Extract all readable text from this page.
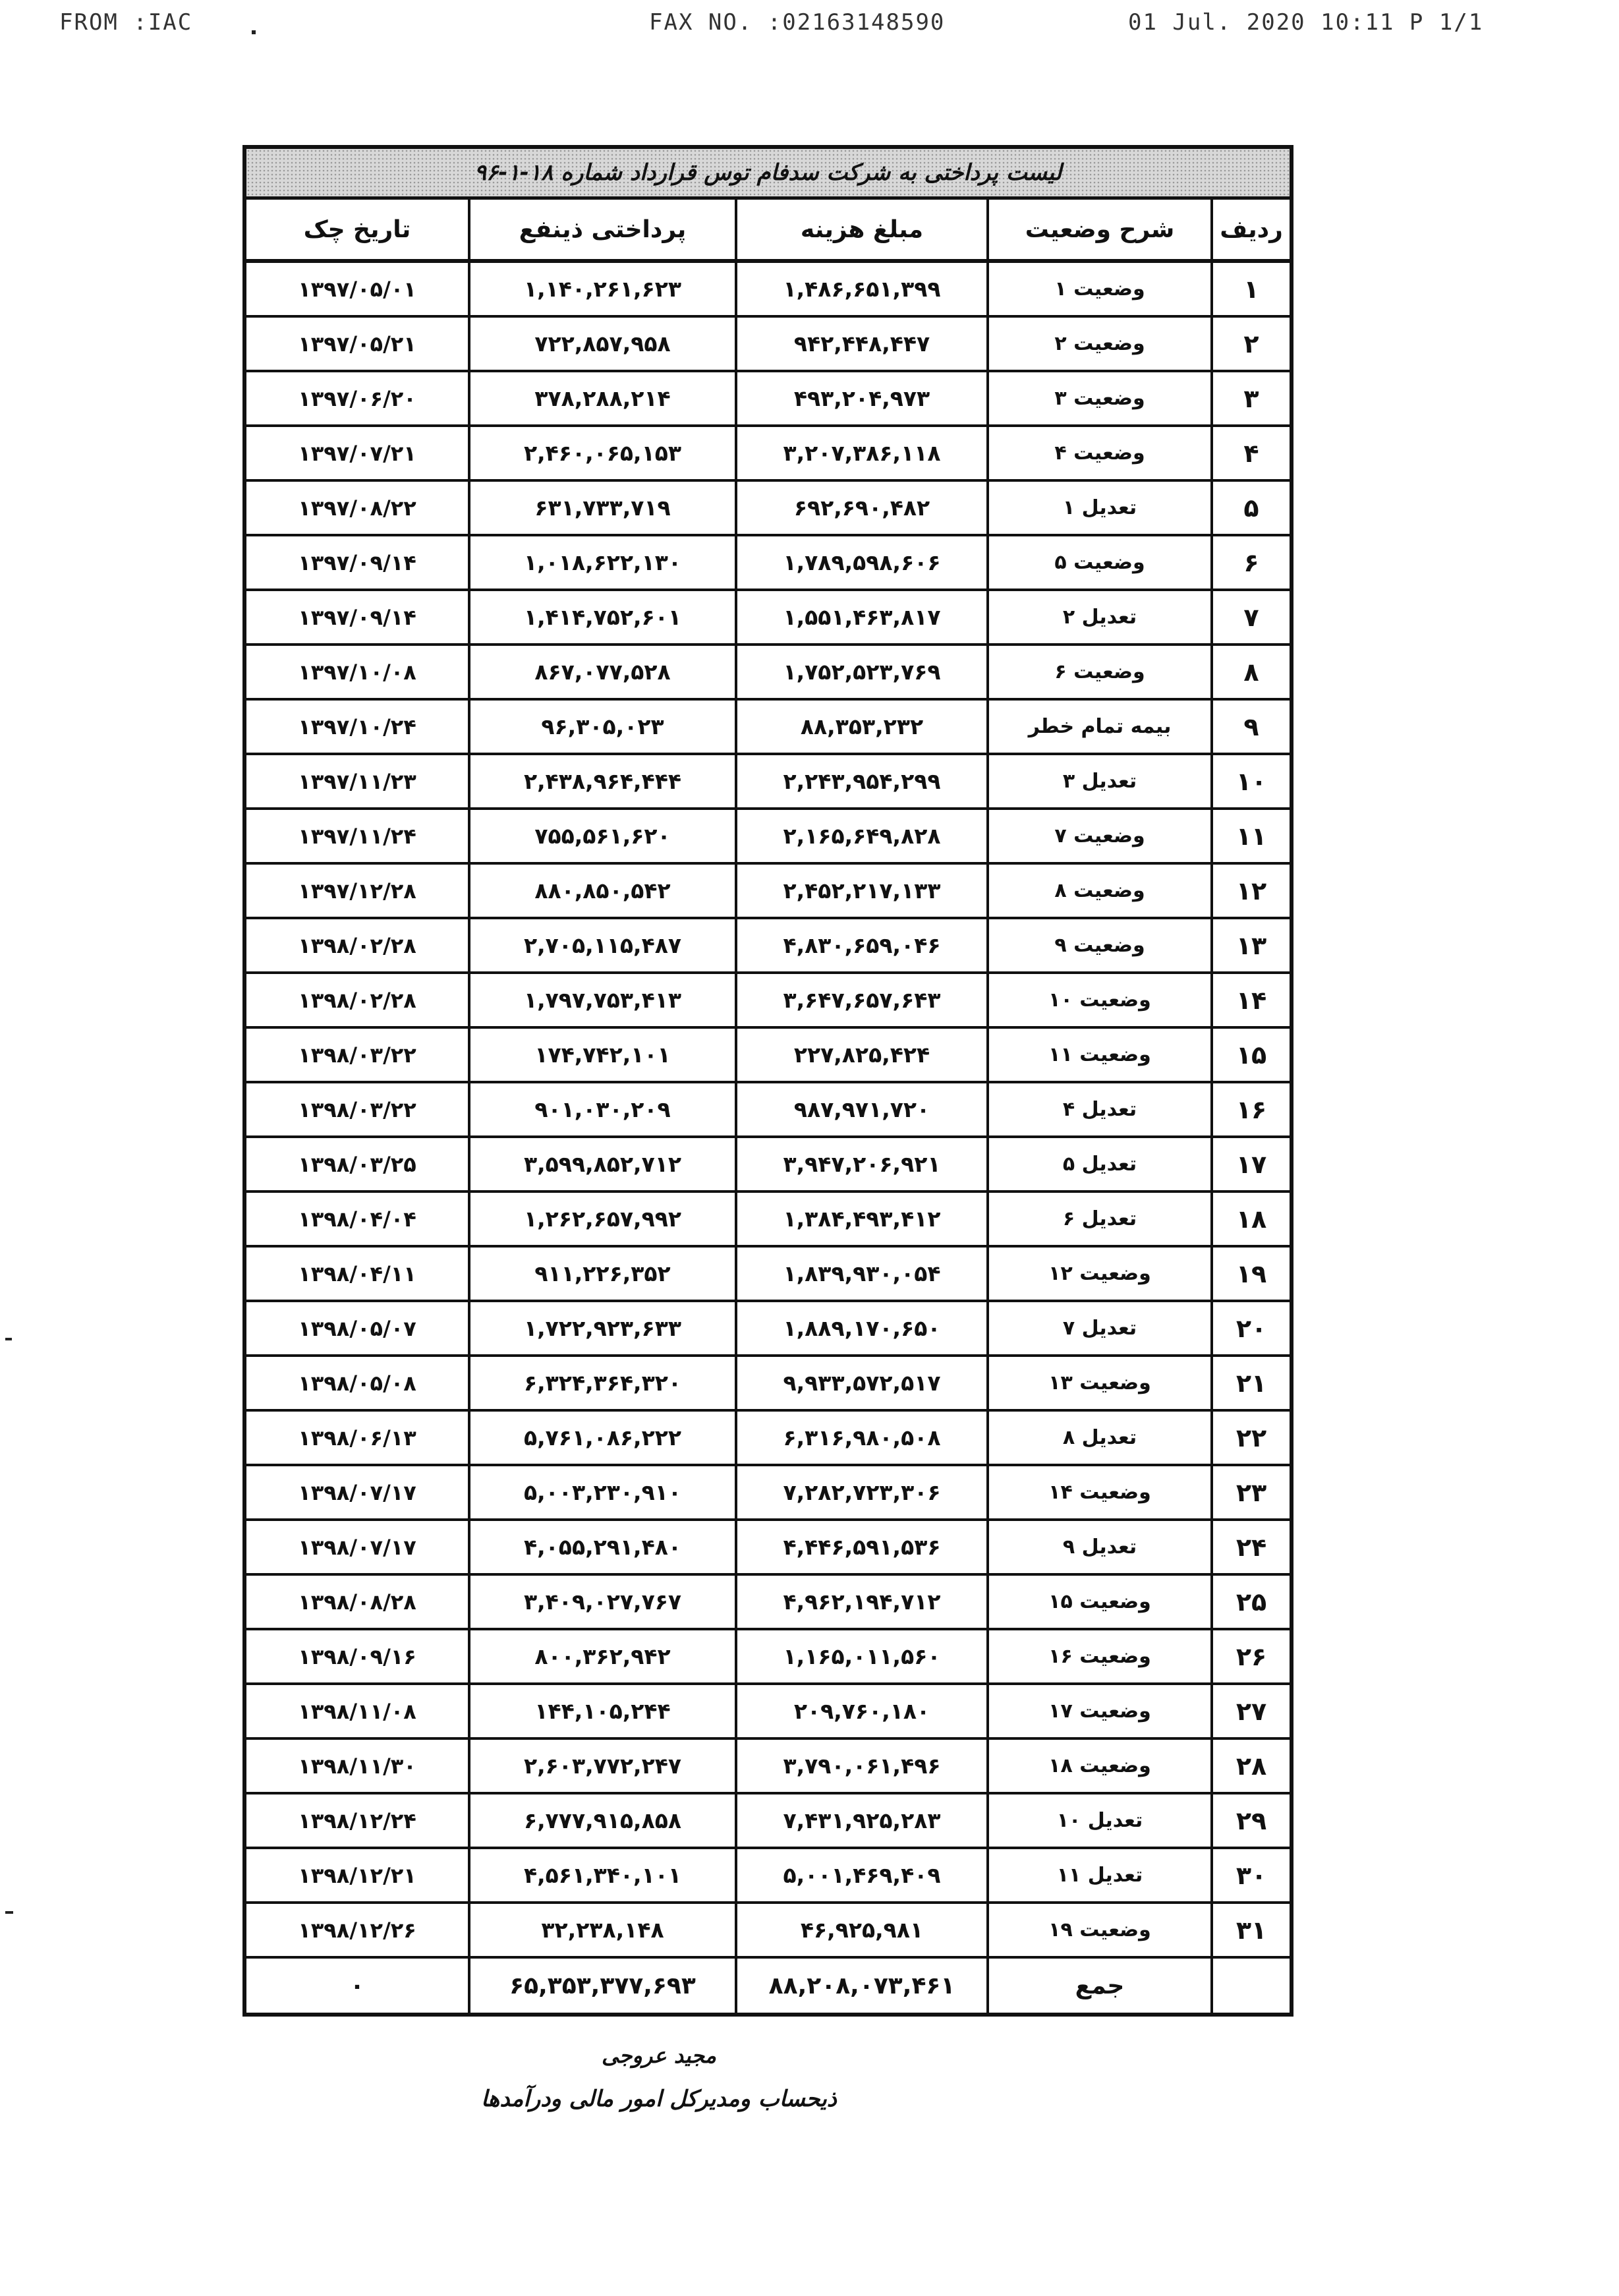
FROM :IAC	FAX NO. :02163148590	01 Jul. 2020 10:11 P 1/1
لیست پرداختی به شرکت سدفام توس قرارداد شماره ۱۸-۱-۹۶
ردیف
شرح وضعیت
مبلغ هزینه
پرداختی ذینفع
تاریخ چک
۱
وضعیت ۱
۱,۴۸۶,۶۵۱,۳۹۹
۱,۱۴۰,۲۶۱,۶۲۳
۱۳۹۷/۰۵/۰۱
۲
وضعیت ۲
۹۴۲,۴۴۸,۴۴۷
۷۲۲,۸۵۷,۹۵۸
۱۳۹۷/۰۵/۲۱
۳
وضعیت ۳
۴۹۳,۲۰۴,۹۷۳
۳۷۸,۲۸۸,۲۱۴
۱۳۹۷/۰۶/۲۰
۴
وضعیت ۴
۳,۲۰۷,۳۸۶,۱۱۸
۲,۴۶۰,۰۶۵,۱۵۳
۱۳۹۷/۰۷/۲۱
۵
تعدیل ۱
۶۹۲,۶۹۰,۴۸۲
۶۳۱,۷۳۳,۷۱۹
۱۳۹۷/۰۸/۲۲
۶
وضعیت ۵
۱,۷۸۹,۵۹۸,۶۰۶
۱,۰۱۸,۶۲۲,۱۳۰
۱۳۹۷/۰۹/۱۴
۷
تعدیل ۲
۱,۵۵۱,۴۶۳,۸۱۷
۱,۴۱۴,۷۵۲,۶۰۱
۱۳۹۷/۰۹/۱۴
۸
وضعیت ۶
۱,۷۵۲,۵۲۳,۷۶۹
۸۶۷,۰۷۷,۵۲۸
۱۳۹۷/۱۰/۰۸
۹
بیمه تمام خطر
۸۸,۳۵۳,۲۳۲
۹۶,۳۰۵,۰۲۳
۱۳۹۷/۱۰/۲۴
۱۰
تعدیل ۳
۲,۲۴۳,۹۵۴,۲۹۹
۲,۴۳۸,۹۶۴,۴۴۴
۱۳۹۷/۱۱/۲۳
۱۱
وضعیت ۷
۲,۱۶۵,۶۴۹,۸۲۸
۷۵۵,۵۶۱,۶۲۰
۱۳۹۷/۱۱/۲۴
۱۲
وضعیت ۸
۲,۴۵۲,۲۱۷,۱۳۳
۸۸۰,۸۵۰,۵۴۲
۱۳۹۷/۱۲/۲۸
۱۳
وضعیت ۹
۴,۸۳۰,۶۵۹,۰۴۶
۲,۷۰۵,۱۱۵,۴۸۷
۱۳۹۸/۰۲/۲۸
۱۴
وضعیت ۱۰
۳,۶۴۷,۶۵۷,۶۴۳
۱,۷۹۷,۷۵۳,۴۱۳
۱۳۹۸/۰۲/۲۸
۱۵
وضعیت ۱۱
۲۲۷,۸۲۵,۴۲۴
۱۷۴,۷۴۲,۱۰۱
۱۳۹۸/۰۳/۲۲
۱۶
تعدیل ۴
۹۸۷,۹۷۱,۷۲۰
۹۰۱,۰۳۰,۲۰۹
۱۳۹۸/۰۳/۲۲
۱۷
تعدیل ۵
۳,۹۴۷,۲۰۶,۹۲۱
۳,۵۹۹,۸۵۲,۷۱۲
۱۳۹۸/۰۳/۲۵
۱۸
تعدیل ۶
۱,۳۸۴,۴۹۳,۴۱۲
۱,۲۶۲,۶۵۷,۹۹۲
۱۳۹۸/۰۴/۰۴
۱۹
وضعیت ۱۲
۱,۸۳۹,۹۳۰,۰۵۴
۹۱۱,۲۲۶,۳۵۲
۱۳۹۸/۰۴/۱۱
۲۰
تعدیل ۷
۱,۸۸۹,۱۷۰,۶۵۰
۱,۷۲۲,۹۲۳,۶۳۳
۱۳۹۸/۰۵/۰۷
۲۱
وضعیت ۱۳
۹,۹۳۳,۵۷۲,۵۱۷
۶,۳۲۴,۳۶۴,۳۲۰
۱۳۹۸/۰۵/۰۸
۲۲
تعدیل ۸
۶,۳۱۶,۹۸۰,۵۰۸
۵,۷۶۱,۰۸۶,۲۲۲
۱۳۹۸/۰۶/۱۳
۲۳
وضعیت ۱۴
۷,۲۸۲,۷۲۳,۳۰۶
۵,۰۰۳,۲۳۰,۹۱۰
۱۳۹۸/۰۷/۱۷
۲۴
تعدیل ۹
۴,۴۴۶,۵۹۱,۵۳۶
۴,۰۵۵,۲۹۱,۴۸۰
۱۳۹۸/۰۷/۱۷
۲۵
وضعیت ۱۵
۴,۹۶۲,۱۹۴,۷۱۲
۳,۴۰۹,۰۲۷,۷۶۷
۱۳۹۸/۰۸/۲۸
۲۶
وضعیت ۱۶
۱,۱۶۵,۰۱۱,۵۶۰
۸۰۰,۳۶۲,۹۴۲
۱۳۹۸/۰۹/۱۶
۲۷
وضعیت ۱۷
۲۰۹,۷۶۰,۱۸۰
۱۴۴,۱۰۵,۲۴۴
۱۳۹۸/۱۱/۰۸
۲۸
وضعیت ۱۸
۳,۷۹۰,۰۶۱,۴۹۶
۲,۶۰۳,۷۷۲,۲۴۷
۱۳۹۸/۱۱/۳۰
۲۹
تعدیل ۱۰
۷,۴۳۱,۹۲۵,۲۸۳
۶,۷۷۷,۹۱۵,۸۵۸
۱۳۹۸/۱۲/۲۴
۳۰
تعدیل ۱۱
۵,۰۰۱,۴۶۹,۴۰۹
۴,۵۶۱,۳۴۰,۱۰۱
۱۳۹۸/۱۲/۲۱
۳۱
وضعیت ۱۹
۴۶,۹۲۵,۹۸۱
۳۲,۲۳۸,۱۴۸
۱۳۹۸/۱۲/۲۶
جمع
۸۸,۲۰۸,۰۷۳,۴۶۱
۶۵,۳۵۳,۳۷۷,۶۹۳
۰
مجید عروجی
ذیحساب ومدیرکل امور مالی ودرآمدها
